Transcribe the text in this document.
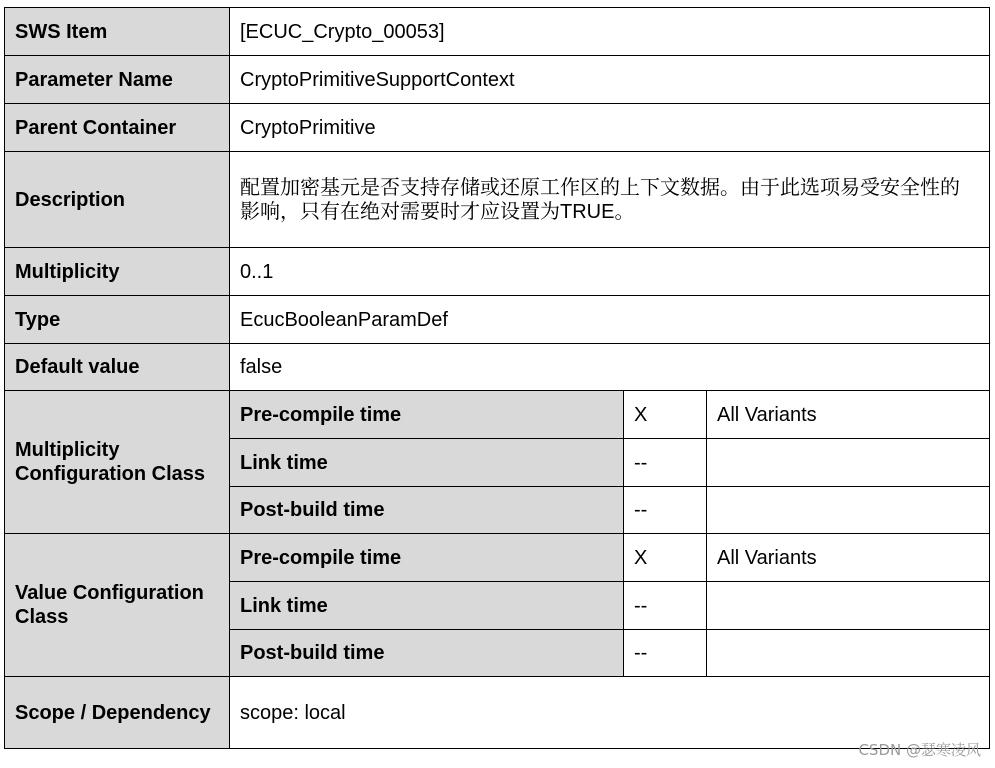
SWS Item	[ECUC_Crypto_00053]		
Parameter Name	CryptoPrimitiveSupportContext		
Parent Container	CryptoPrimitive		
Description	配置加密基元是否支持存储或还原工作区的上下文数据。由于此选项易受安全性的影响，只有在绝对需要时才应设置为TRUE。		
Multiplicity	0..1		
Type	EcucBooleanParamDef		
Default value	false		
Multiplicity Configuration Class	Pre-compile time	X	All Variants
	Link time	--	
	Post-build time	--	
Value Configuration Class	Pre-compile time	X	All Variants
	Link time	--	
	Post-build time	--	
Scope / Dependency	scope: local		
CSDN @瑟寒凌风
